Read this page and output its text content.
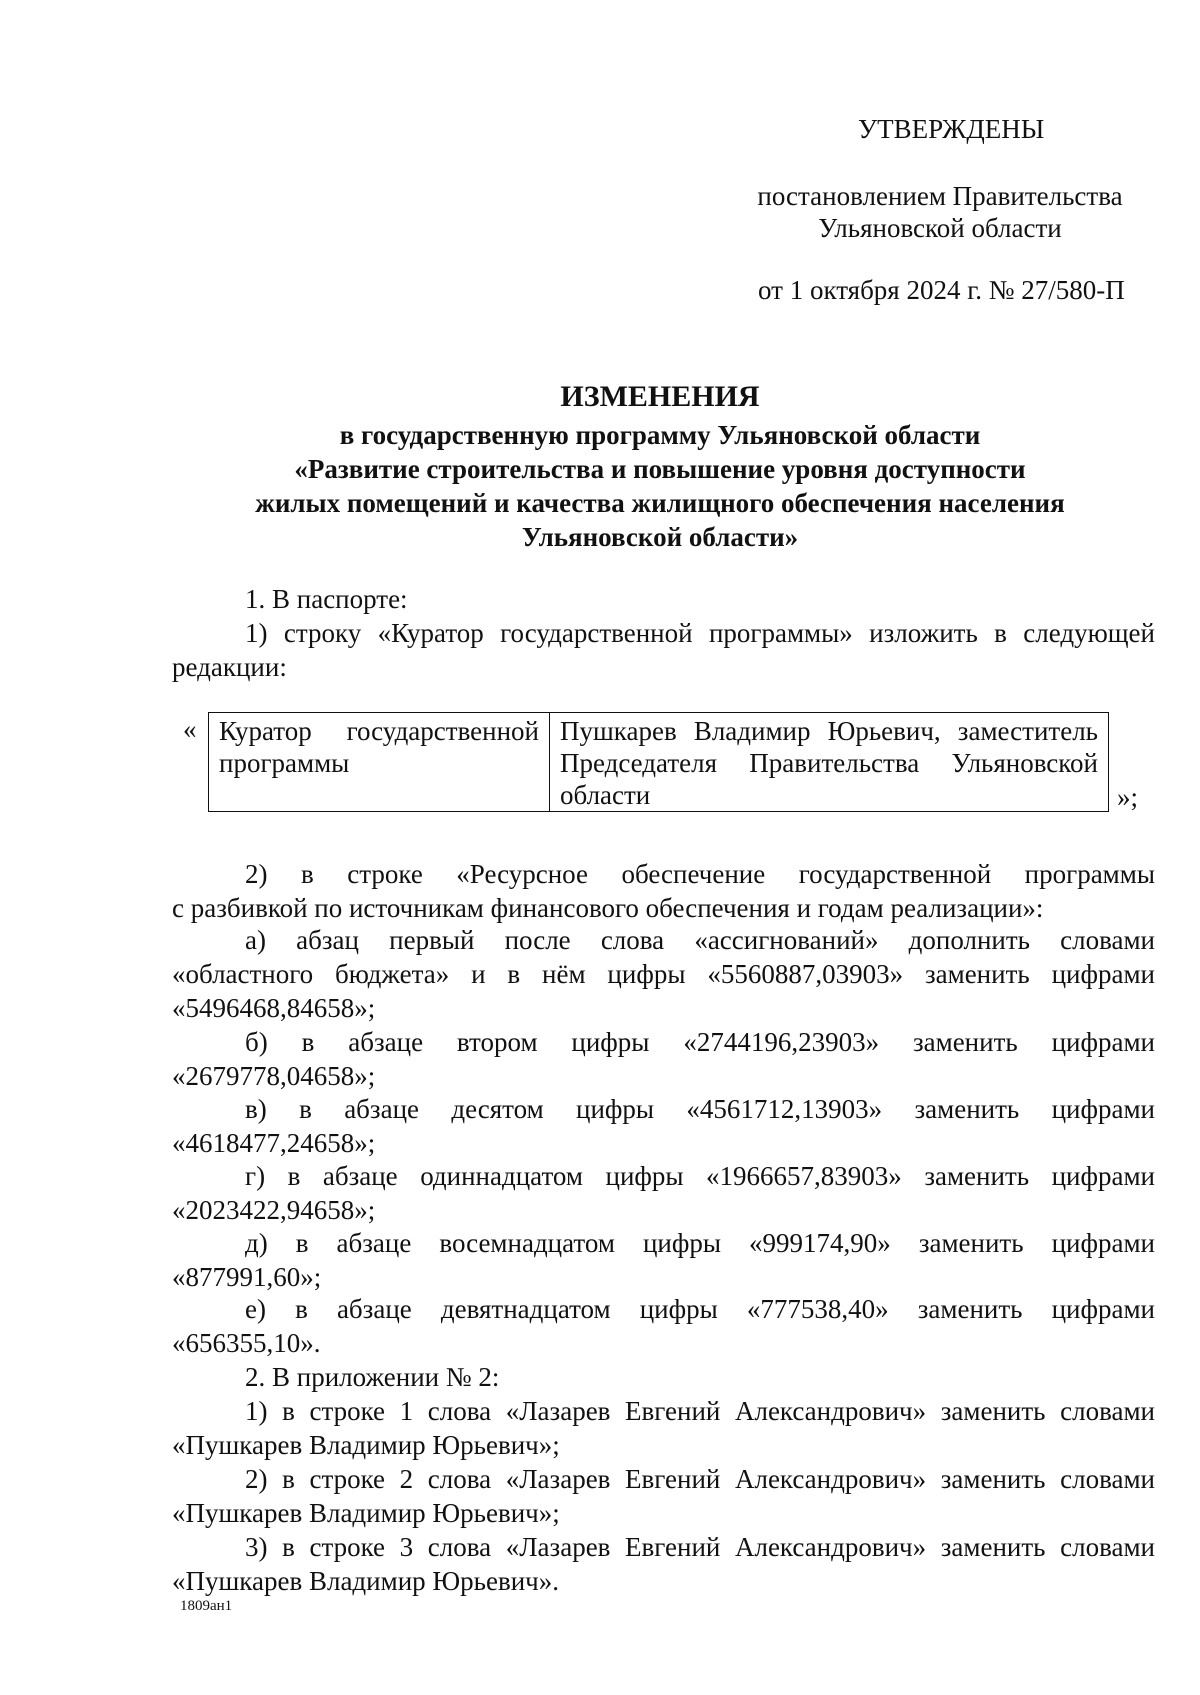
УТВЕРЖДЕНЫ
постановлением Правительства
Ульяновской области
от 1 октября 2024 г. № 27/580-П
ИЗМЕНЕНИЯ
в государственную программу Ульяновской области
«Развитие строительства и повышение уровня доступности
жилых помещений и качества жилищного обеспечения населения
Ульяновской области»
1. В паспорте:
1) строку «Куратор государственной программы» изложить в следующей
редакции:
« Куратор государственной программы	Пушкарев Владимир Юрьевич, заместитель Председателя Правительства Ульяновской области	»;
2) в строке «Ресурсное обеспечение государственной программы
с разбивкой по источникам финансового обеспечения и годам реализации»:
а) абзац первый после слова «ассигнований» дополнить словами
«областного бюджета» и в нём цифры «5560887,03903» заменить цифрами
«5496468,84658»;
б) в абзаце втором цифры «2744196,23903» заменить цифрами
«2679778,04658»;
в) в абзаце десятом цифры «4561712,13903» заменить цифрами
«4618477,24658»;
г) в абзаце одиннадцатом цифры «1966657,83903» заменить цифрами
«2023422,94658»;
д) в абзаце восемнадцатом цифры «999174,90» заменить цифрами
«877991,60»;
е) в абзаце девятнадцатом цифры «777538,40» заменить цифрами
«656355,10».
2. В приложении № 2:
1) в строке 1 слова «Лазарев Евгений Александрович» заменить словами
«Пушкарев Владимир Юрьевич»;
2) в строке 2 слова «Лазарев Евгений Александрович» заменить словами
«Пушкарев Владимир Юрьевич»;
3) в строке 3 слова «Лазарев Евгений Александрович» заменить словами
«Пушкарев Владимир Юрьевич».
1809ан1
